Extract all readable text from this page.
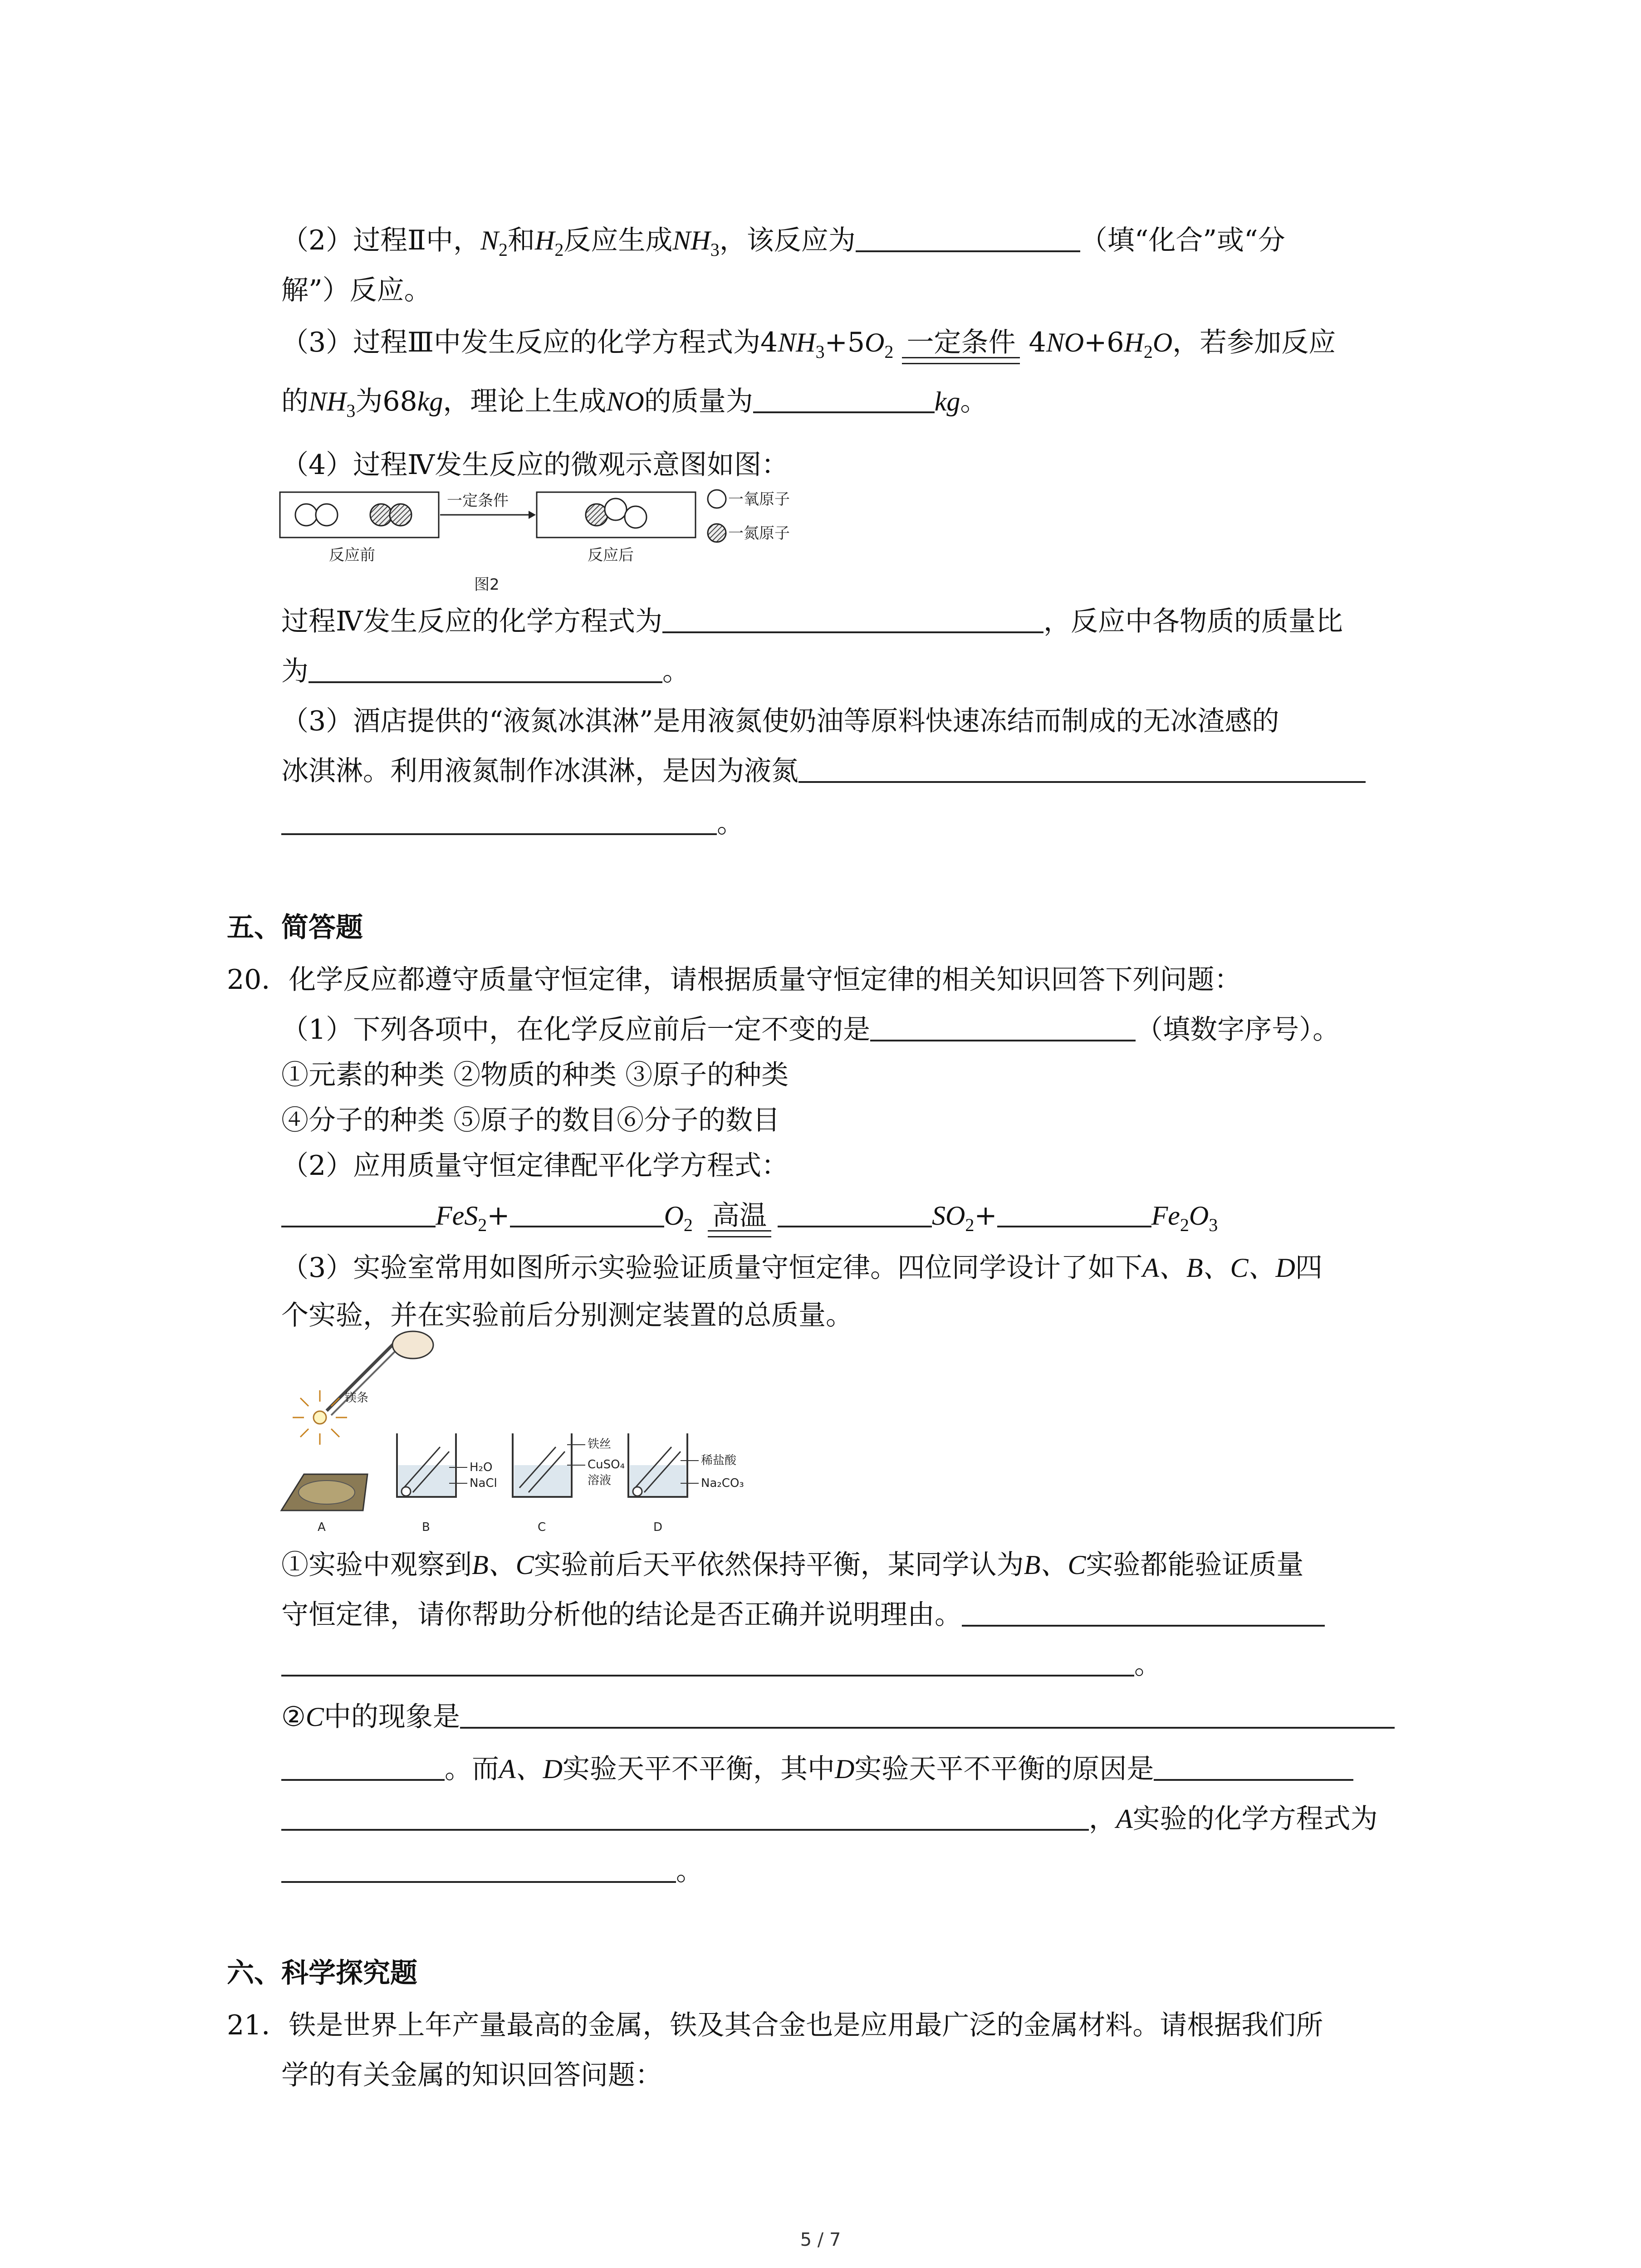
（2）过程Ⅱ中，$N_2$和$H_2$反应生成$NH_3$，该反应为	（填“化合”或“分
解”）反应。
（3）过程Ⅲ中发生反应的化学方程式为$4NH_3+5O_2$ 一定条件 $4NO+6H_2O$，若参加反应
的$NH_3$为68kg，理论上生成NO的质量为	kg。
（4）过程Ⅳ发生反应的微观示意图如图：
一定条件
反应前	反应后
图2
一氧原子
一氮原子
过程Ⅳ发生反应的化学方程式为	，反应中各物质的质量比
为	。
（3）酒店提供的“液氮冰淇淋”是用液氮使奶油等原料快速冻结而制成的无冰渣感的
冰淇淋。利用液氮制作冰淇淋，是因为液氮
。
五、简答题
20．化学反应都遵守质量守恒定律，请根据质量守恒定律的相关知识回答下列问题：
（1）下列各项中，在化学反应前后一定不变的是	（填数字序号）。
①元素的种类 ②物质的种类 ③原子的种类
④分子的种类 ⑤原子的数目⑥分子的数目
（2）应用质量守恒定律配平化学方程式：
FeS$_2$+	$O_2$ 高温	$SO_2+$	$Fe_2O_3$
（3）实验室常用如图所示实验验证质量守恒定律。四位同学设计了如下A、B、C、D四
个实验，并在实验前后分别测定装置的总质量。
镁条
A
H₂O
NaCl
B
铁丝
CuSO₄
溶液
C
稀盐酸
Na₂CO₃
D
①实验中观察到B、C实验前后天平依然保持平衡，某同学认为B、C实验都能验证质量
守恒定律，请你帮助分析他的结论是否正确并说明理由。
。
②C中的现象是
。而A、D实验天平不平衡，其中D实验天平不平衡的原因是
，A实验的化学方程式为
。
六、科学探究题
21．铁是世界上年产量最高的金属，铁及其合金也是应用最广泛的金属材料。请根据我们所
学的有关金属的知识回答问题：
5 / 7
